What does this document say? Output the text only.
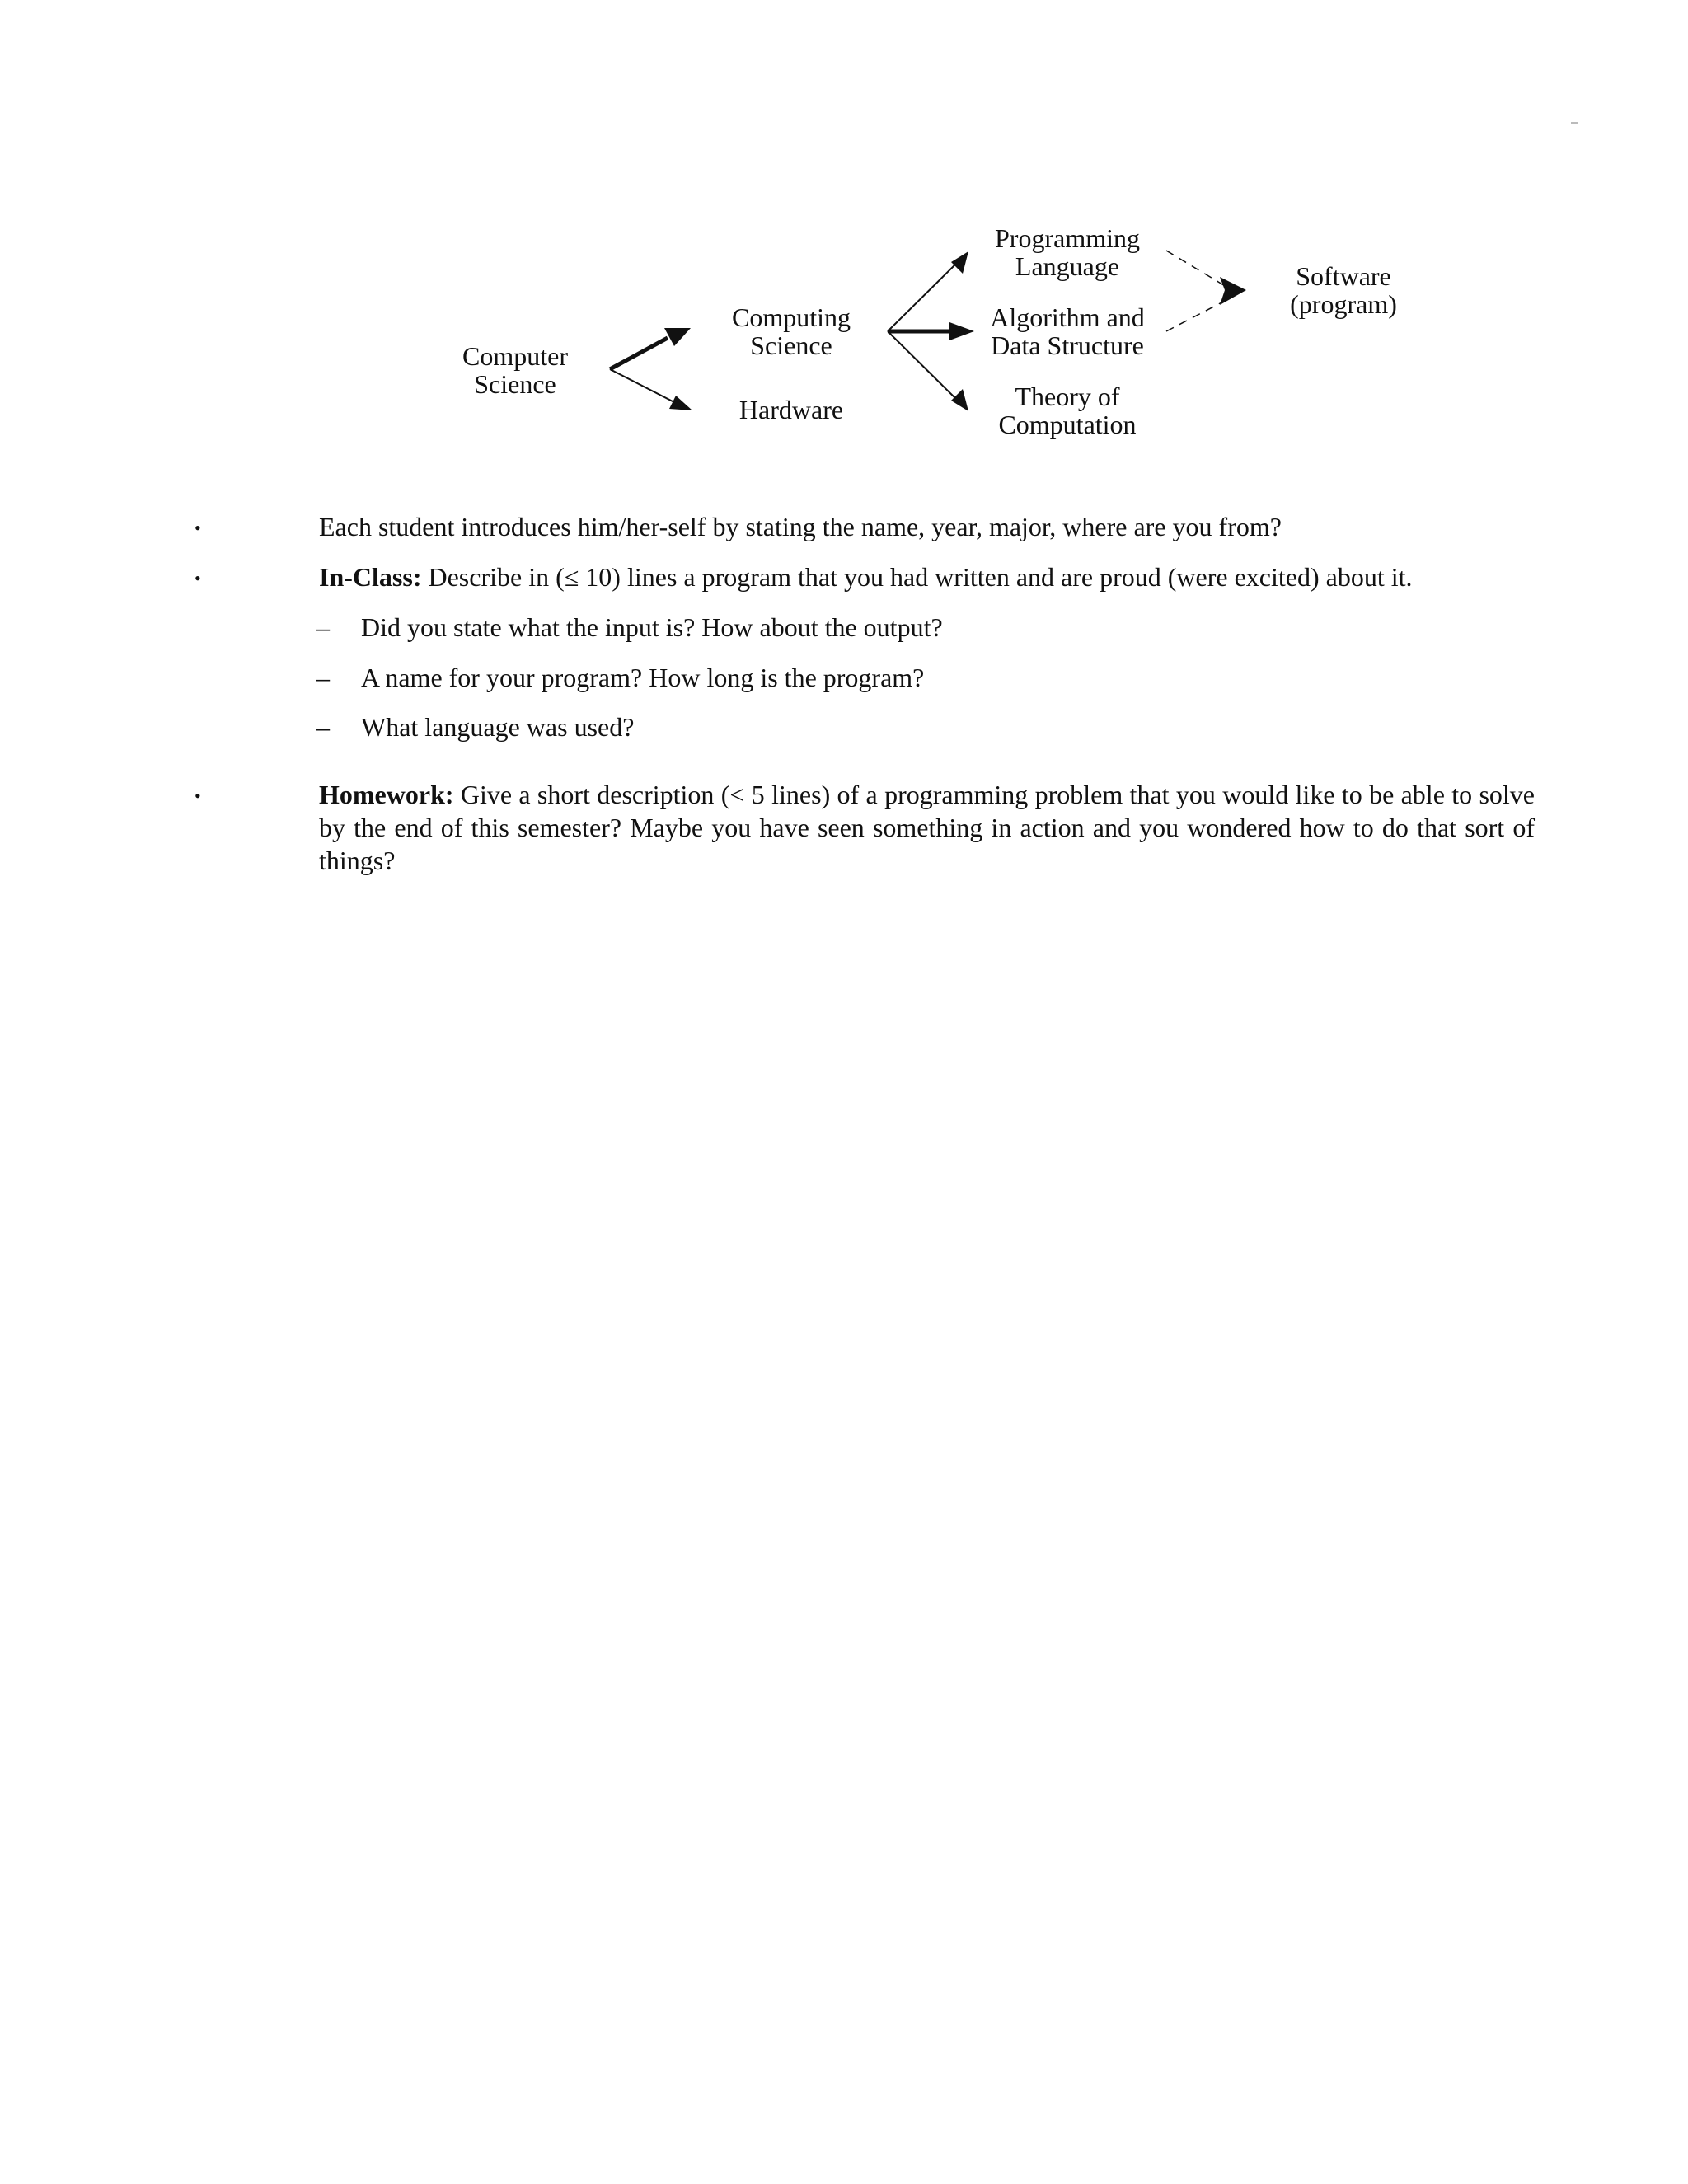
Computer
Science
Computing
Science
Hardware
Programming
Language
Algorithm and
Data Structure
Theory of
Computation
Software
(program)
•	Each student introduces him/her-self by stating the name, year, major, where are you from?
•	In-Class: Describe in (≤ 10) lines a program that you had written and are proud (were excited) about it.
– Did you state what the input is? How about the output?
– A name for your program? How long is the program?
– What language was used?
•	Homework: Give a short description (< 5 lines) of a programming problem that you would like to be able to solve by the end of this semester? Maybe you have seen something in action and you wondered how to do that sort of things?
